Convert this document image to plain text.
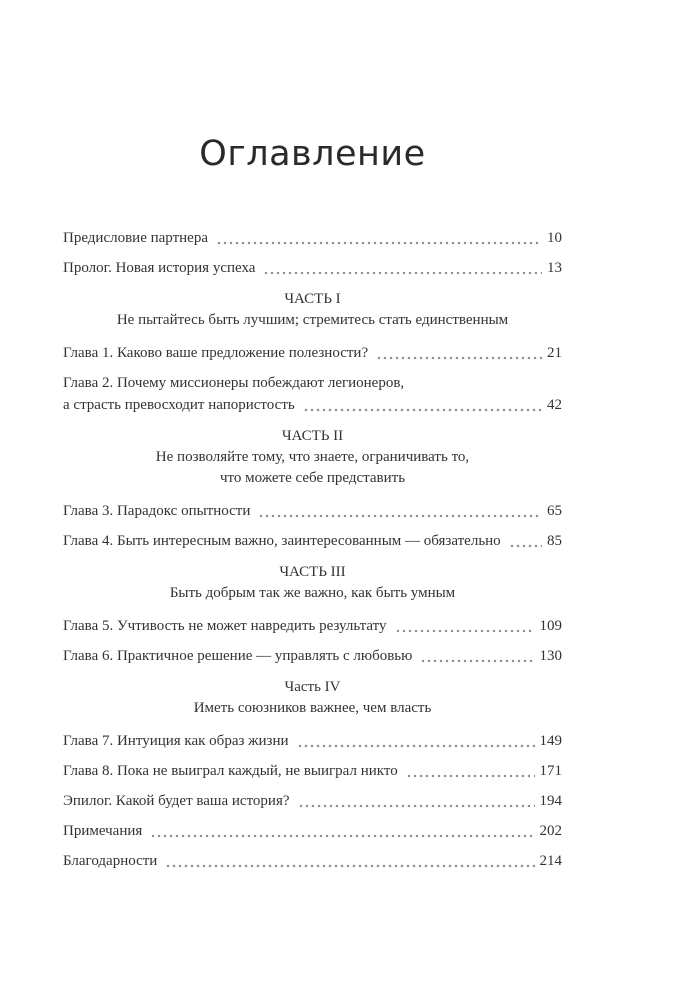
Оглавление
Предисловие партнера	10
Пролог. Новая история успеха	13
ЧАСТЬ I
Не пытайтесь быть лучшим; стремитесь стать единственным
Глава 1. Каково ваше предложение полезности?	21
Глава 2. Почему миссионеры побеждают легионеров,
а страсть превосходит напористость	42
ЧАСТЬ II
Не позволяйте тому, что знаете, ограничивать то,
что можете себе представить
Глава 3. Парадокс опытности	65
Глава 4. Быть интересным важно, заинтересованным — обязательно	85
ЧАСТЬ III
Быть добрым так же важно, как быть умным
Глава 5. Учтивость не может навредить результату	109
Глава 6. Практичное решение — управлять с любовью	130
Часть IV
Иметь союзников важнее, чем власть
Глава 7. Интуиция как образ жизни	149
Глава 8. Пока не выиграл каждый, не выиграл никто	171
Эпилог. Какой будет ваша история?	194
Примечания	202
Благодарности	214
